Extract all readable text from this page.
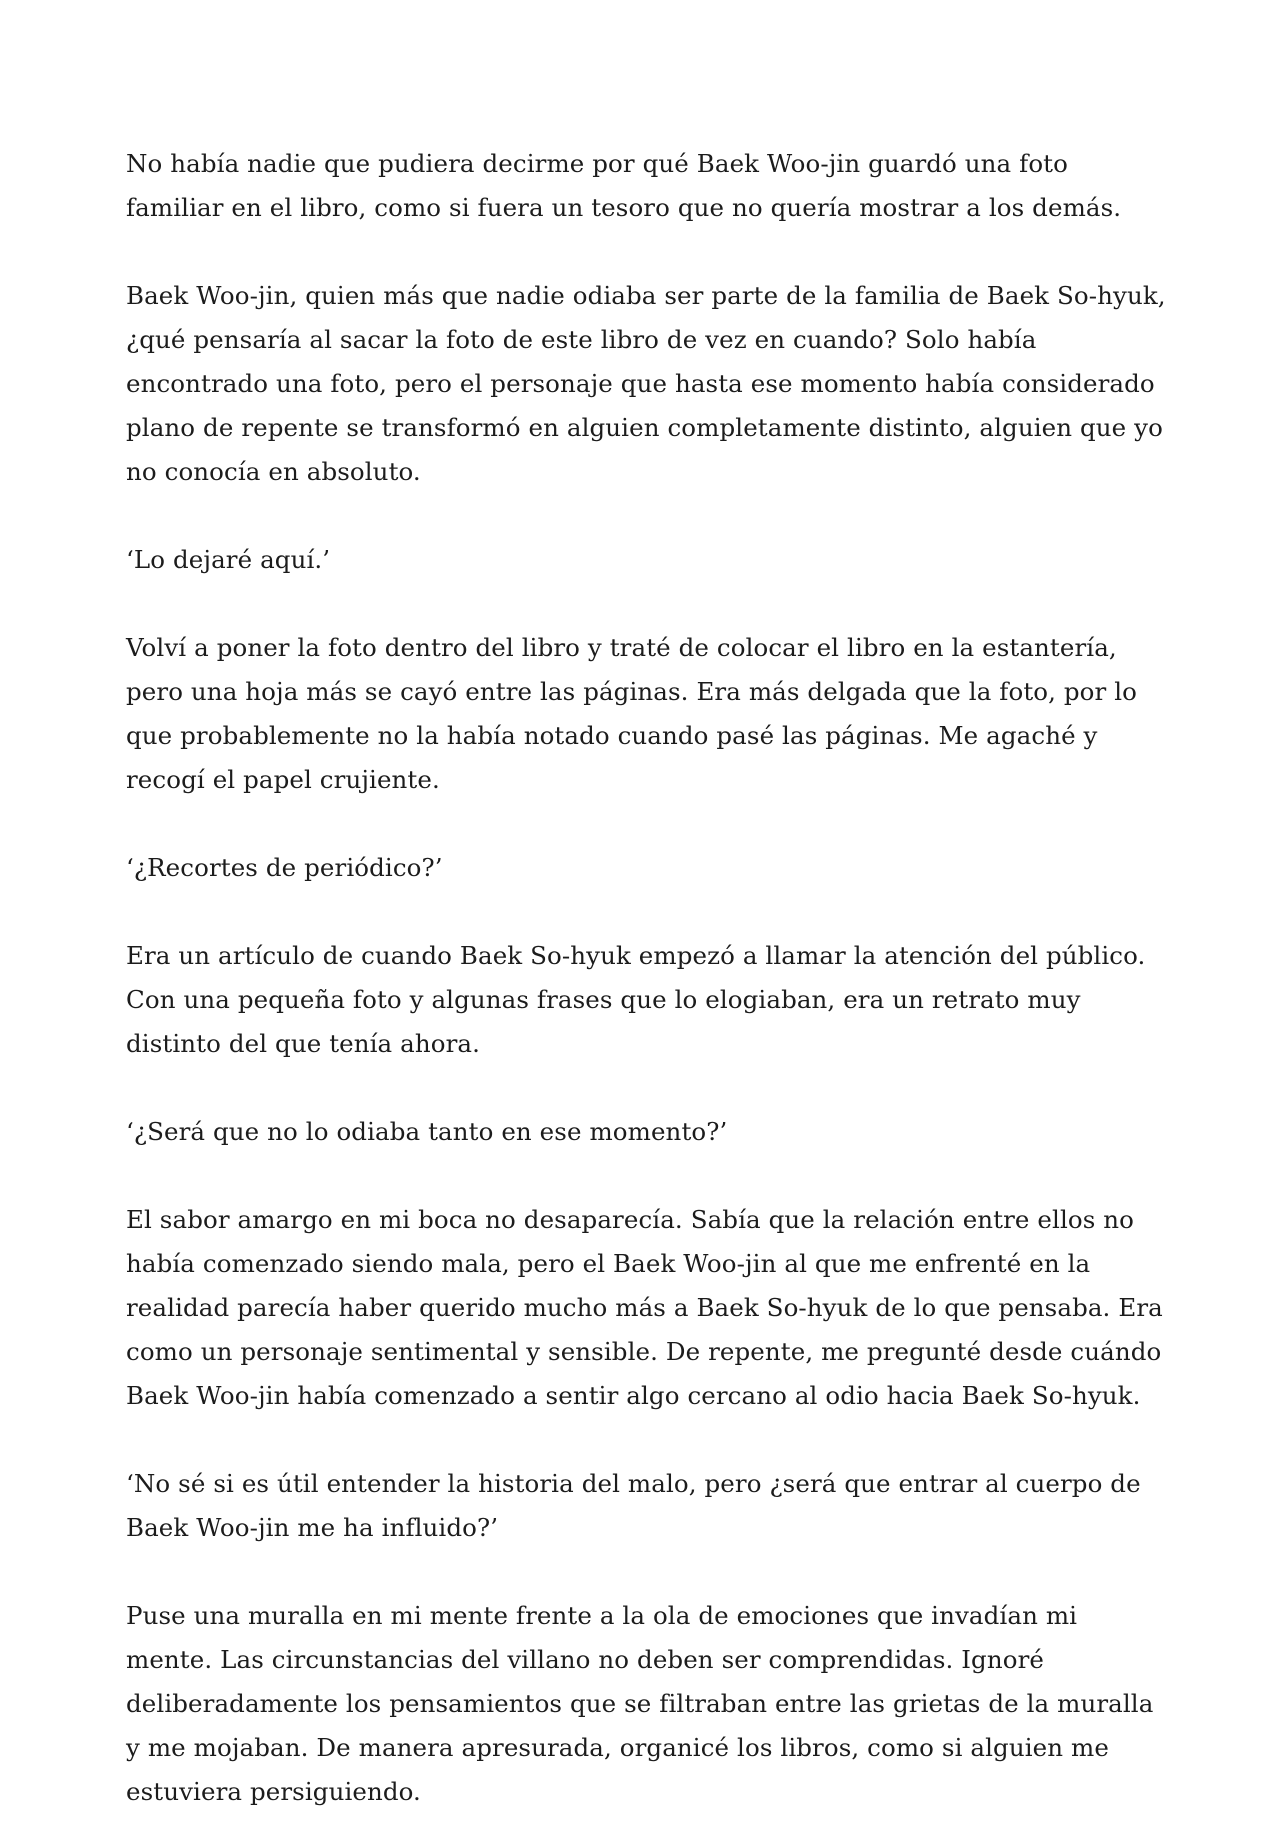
No había nadie que pudiera decirme por qué Baek Woo-jin guardó una foto familiar en el libro, como si fuera un tesoro que no quería mostrar a los demás.

Baek Woo-jin, quien más que nadie odiaba ser parte de la familia de Baek So-hyuk, ¿qué pensaría al sacar la foto de este libro de vez en cuando? Solo había encontrado una foto, pero el personaje que hasta ese momento había considerado plano de repente se transformó en alguien completamente distinto, alguien que yo no conocía en absoluto.

‘Lo dejaré aquí.’

Volví a poner la foto dentro del libro y traté de colocar el libro en la estantería, pero una hoja más se cayó entre las páginas. Era más delgada que la foto, por lo que probablemente no la había notado cuando pasé las páginas. Me agaché y recogí el papel crujiente.

‘¿Recortes de periódico?’

Era un artículo de cuando Baek So-hyuk empezó a llamar la atención del público. Con una pequeña foto y algunas frases que lo elogiaban, era un retrato muy distinto del que tenía ahora.

‘¿Será que no lo odiaba tanto en ese momento?’

El sabor amargo en mi boca no desaparecía. Sabía que la relación entre ellos no había comenzado siendo mala, pero el Baek Woo-jin al que me enfrenté en la realidad parecía haber querido mucho más a Baek So-hyuk de lo que pensaba. Era como un personaje sentimental y sensible. De repente, me pregunté desde cuándo Baek Woo-jin había comenzado a sentir algo cercano al odio hacia Baek So-hyuk.

‘No sé si es útil entender la historia del malo, pero ¿será que entrar al cuerpo de Baek Woo-jin me ha influido?’

Puse una muralla en mi mente frente a la ola de emociones que invadían mi mente. Las circunstancias del villano no deben ser comprendidas. Ignoré deliberadamente los pensamientos que se filtraban entre las grietas de la muralla y me mojaban. De manera apresurada, organicé los libros, como si alguien me estuviera persiguiendo.
